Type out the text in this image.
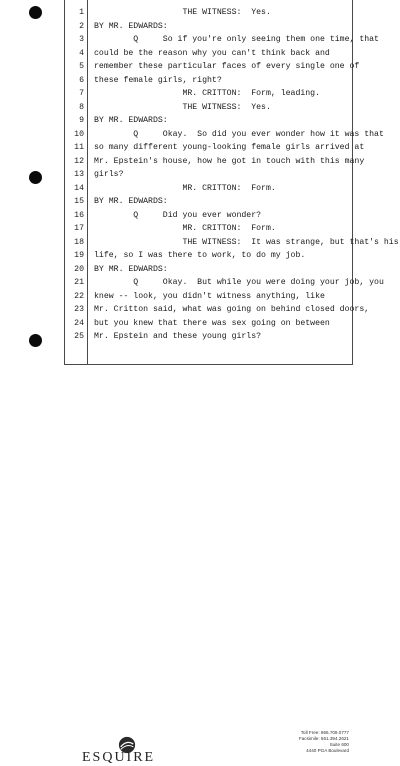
1 THE WITNESS:  Yes.
2 BY MR. EDWARDS:
3 Q     So if you're only seeing them one time, that
4 could be the reason why you can't think back and
5 remember these particular faces of every single one of
6 these female girls, right?
7 MR. CRITTON:  Form, leading.
8 THE WITNESS:  Yes.
9 BY MR. EDWARDS:
10 Q     Okay.  So did you ever wonder how it was that
11 so many different young-looking female girls arrived at
12 Mr. Epstein's house, how he got in touch with this many
13 girls?
14 MR. CRITTON:  Form.
15 BY MR. EDWARDS:
16 Q     Did you ever wonder?
17 MR. CRITTON:  Form.
18 THE WITNESS:  It was strange, but that's his
19 life, so I was there to work, to do my job.
20 BY MR. EDWARDS:
21 Q     Okay.  But while you were doing your job, you
22 knew -- look, you didn't witness anything, like
23 Mr. Critton said, what was going on behind closed doors,
24 but you knew that there was sex going on between
25 Mr. Epstein and these young girls?
ESQUIRE
Toll Free: 866.709.0777
Facsimile: 561.394.2621
Suite 600
4440 PGA Boulevard
